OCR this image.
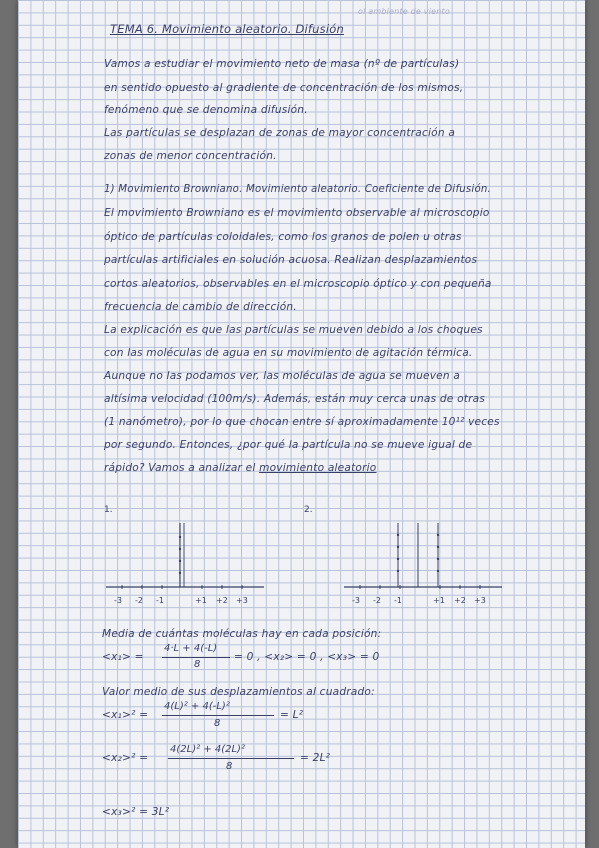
ol ambiente de viento
TEMA 6. Movimiento aleatorio. Difusión
Vamos a estudiar el movimiento neto de masa (nº de partículas)
en sentido opuesto al gradiente de concentración de los mismos,
fenómeno que se denomina difusión.
Las partículas se desplazan de zonas de mayor concentración a
zonas de menor concentración.
1) Movimiento Browniano. Movimiento aleatorio. Coeficiente de Difusión.
El movimiento Browniano es el movimiento observable al microscopio
óptico de partículas coloidales, como los granos de polen u otras
partículas artificiales en solución acuosa. Realizan desplazamientos
cortos aleatorios, observables en el microscopio óptico y con pequeña
frecuencia de cambio de dirección.
La explicación es que las partículas se mueven debido a los choques
con las moléculas de agua en su movimiento de agitación térmica.
Aunque no las podamos ver, las moléculas de agua se mueven a
altísima velocidad (100m/s). Además, están muy cerca unas de otras
(1 nanómetro), por lo que chocan entre sí aproximadamente 10¹² veces
por segundo. Entonces, ¿por qué la partícula no se mueve igual de
rápido? Vamos a analizar el movimiento aleatorio
1.
-3 -2 -1	+1 +2 +3
2.
-3 -2 -1	+1 +2 +3
Media de cuántas moléculas hay en cada posición:
<x₁> =
4·L + 4(-L)
8
= 0 , <x₂> = 0 , <x₃> = 0
Valor medio de sus desplazamientos al cuadrado:
<x₁>² =
4(L)² + 4(-L)²
8
= L²
<x₂>² =
4(2L)² + 4(2L)²
8
= 2L²
<x₃>² = 3L²
